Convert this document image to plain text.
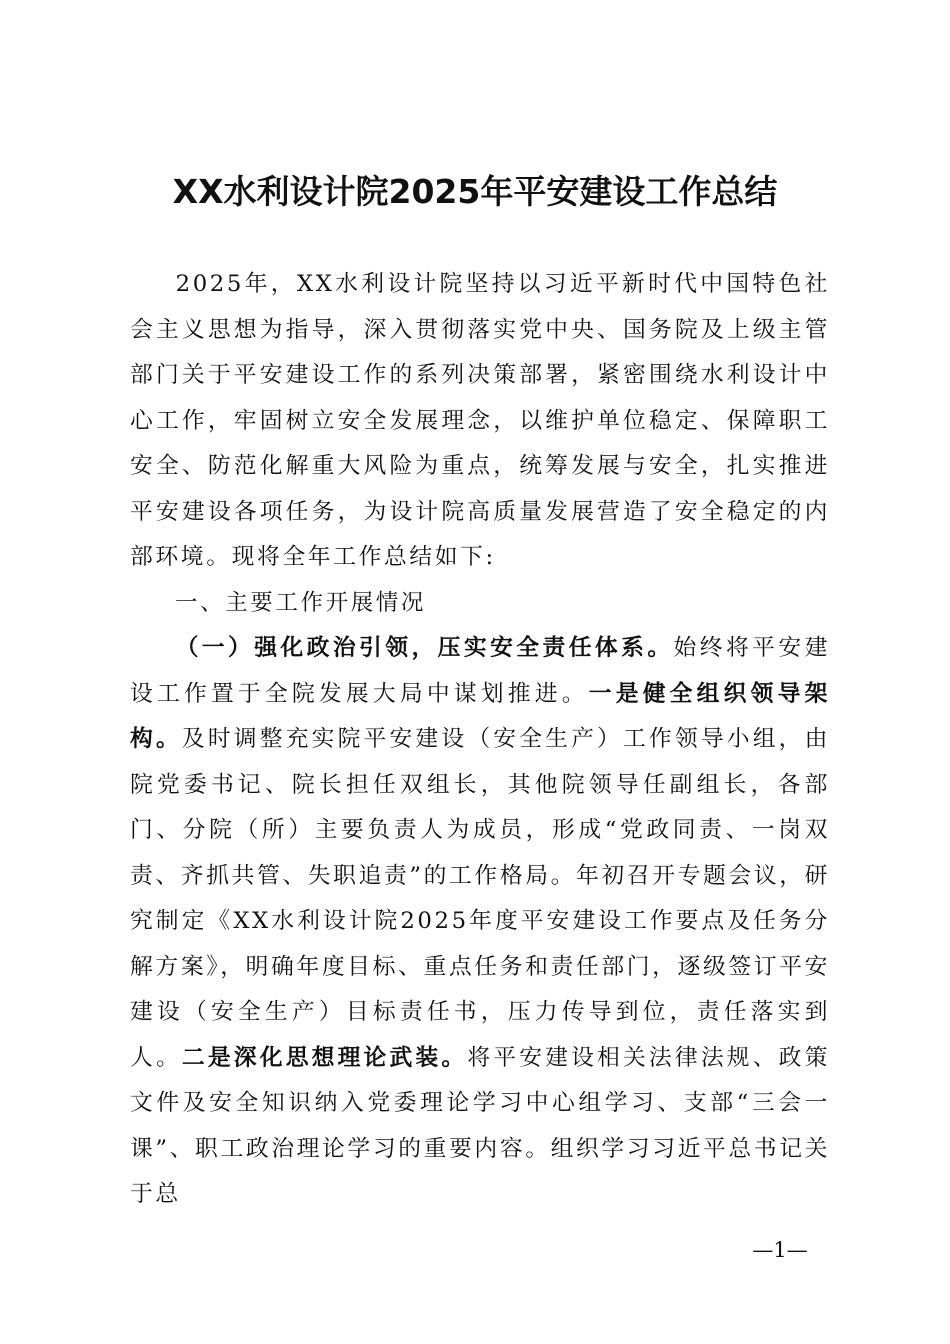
XX水利设计院2025年平安建设工作总结

2025年，XX水利设计院坚持以习近平新时代中国特色社会主义思想为指导，深入贯彻落实党中央、国务院及上级主管部门关于平安建设工作的系列决策部署，紧密围绕水利设计中心工作，牢固树立安全发展理念，以维护单位稳定、保障职工安全、防范化解重大风险为重点，统筹发展与安全，扎实推进平安建设各项任务，为设计院高质量发展营造了安全稳定的内部环境。现将全年工作总结如下:

一、主要工作开展情况

（一）强化政治引领，压实安全责任体系。始终将平安建设工作置于全院发展大局中谋划推进。一是健全组织领导架构。及时调整充实院平安建设（安全生产）工作领导小组，由院党委书记、院长担任双组长，其他院领导任副组长，各部门、分院（所）主要负责人为成员，形成“党政同责、一岗双责、齐抓共管、失职追责”的工作格局。年初召开专题会议，研究制定《XX水利设计院2025年度平安建设工作要点及任务分解方案》，明确年度目标、重点任务和责任部门，逐级签订平安建设（安全生产）目标责任书，压力传导到位，责任落实到人。二是深化思想理论武装。将平安建设相关法律法规、政策文件及安全知识纳入党委理论学习中心组学习、支部“三会一课”、职工政治理论学习的重要内容。组织学习习近平总书记关于总

—1—
